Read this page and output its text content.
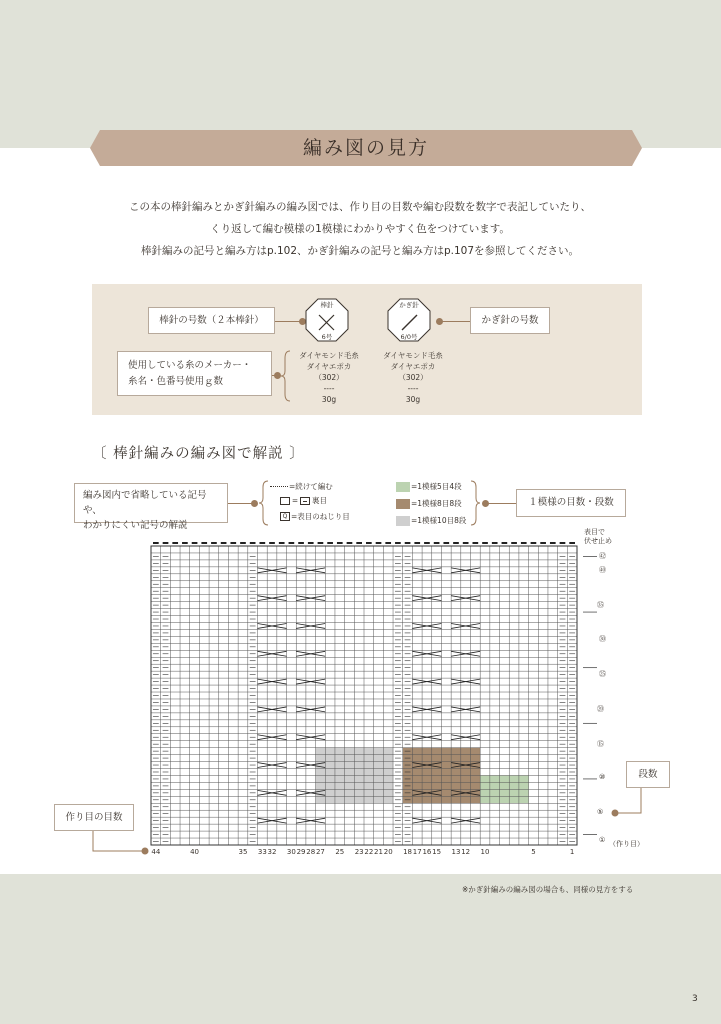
編み図の見方
この本の棒針編みとかぎ針編みの編み図では、作り目の目数や編む段数を数字で表記していたり、
くり返して編む模様の1模様にわかりやすく色をつけています。
棒針編みの記号と編み方はp.102、かぎ針編みの記号と編み方はp.107を参照してください。
棒針の号数（２本棒針）
棒針
6号
かぎ針
6/0号
かぎ針の号数
使用している糸のメーカー・
糸名・色番号使用ｇ数
ダイヤモンド毛糸
ダイヤエポカ
（302）
----
30g
ダイヤモンド毛糸
ダイヤエポカ
（302）
----
30g
〔 棒針編みの編み図で解説 〕
編み図内で省略している記号や、
わかりにくい記号の解説
=続けて編む
= 裏目
Q =表目のねじり目
=1模様5目4段
=1模様8目8段
=1模様10目8段
１模様の目数・段数
表目で
伏せ止め
㊷
㊵
㉟
㉚
㉕
⑳
⑮
⑩
⑤
① （作り目）
44	40	35	33 32	30 29 28 27	25	23 22 21 20	18 17 16 15	13 12	10	5	1
作り目の目数
段数
※かぎ針編みの編み図の場合も、同様の見方をする
3
